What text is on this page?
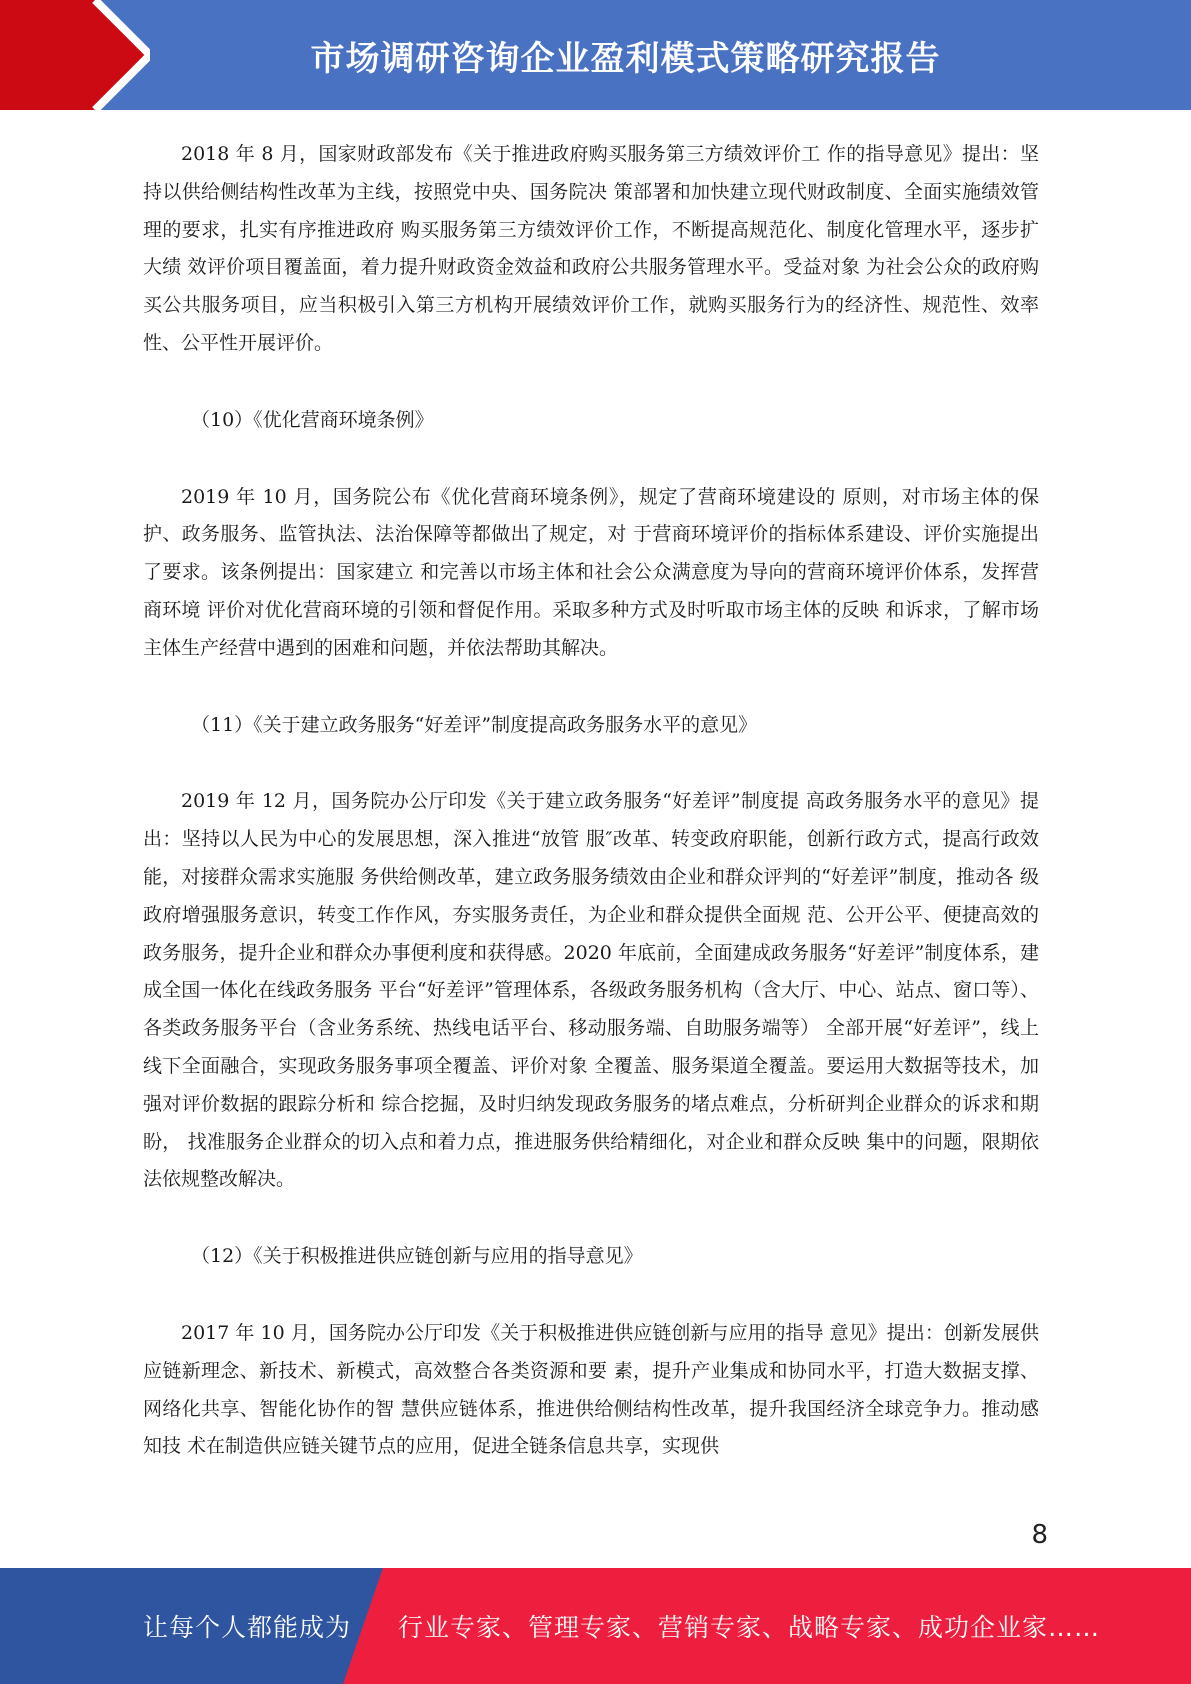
市场调研咨询企业盈利模式策略研究报告

2018 年 8 月，国家财政部发布《关于推进政府购买服务第三方绩效评价工 作的指导意见》提出：坚持以供给侧结构性改革为主线，按照党中央、国务院决 策部署和加快建立现代财政制度、全面实施绩效管理的要求，扎实有序推进政府 购买服务第三方绩效评价工作，不断提高规范化、制度化管理水平，逐步扩大绩 效评价项目覆盖面，着力提升财政资金效益和政府公共服务管理水平。受益对象 为社会公众的政府购买公共服务项目，应当积极引入第三方机构开展绩效评价工作，就购买服务行为的经济性、规范性、效率性、公平性开展评价。

（10）《优化营商环境条例》

2019 年 10 月，国务院公布《优化营商环境条例》，规定了营商环境建设的 原则，对市场主体的保护、政务服务、监管执法、法治保障等都做出了规定，对 于营商环境评价的指标体系建设、评价实施提出了要求。该条例提出：国家建立 和完善以市场主体和社会公众满意度为导向的营商环境评价体系，发挥营商环境 评价对优化营商环境的引领和督促作用。采取多种方式及时听取市场主体的反映 和诉求，了解市场主体生产经营中遇到的困难和问题，并依法帮助其解决。

（11）《关于建立政务服务“好差评”制度提高政务服务水平的意见》

2019 年 12 月，国务院办公厅印发《关于建立政务服务“好差评”制度提 高政务服务水平的意见》提出：坚持以人民为中心的发展思想，深入推进“放管 服″改革、转变政府职能，创新行政方式，提高行政效能，对接群众需求实施服 务供给侧改革，建立政务服务绩效由企业和群众评判的“好差评”制度，推动各 级政府增强服务意识，转变工作作风，夯实服务责任，为企业和群众提供全面规 范、公开公平、便捷高效的政务服务，提升企业和群众办事便利度和获得感。2020 年底前，全面建成政务服务“好差评”制度体系，建成全国一体化在线政务服务 平台“好差评”管理体系，各级政务服务机构（含大厅、中心、站点、窗口等）、 各类政务服务平台（含业务系统、热线电话平台、移动服务端、自助服务端等） 全部开展“好差评”，线上线下全面融合，实现政务服务事项全覆盖、评价对象 全覆盖、服务渠道全覆盖。要运用大数据等技术，加强对评价数据的跟踪分析和 综合挖掘，及时归纳发现政务服务的堵点难点，分析研判企业群众的诉求和期盼， 找准服务企业群众的切入点和着力点，推进服务供给精细化，对企业和群众反映 集中的问题，限期依法依规整改解决。

（12）《关于积极推进供应链创新与应用的指导意见》

2017 年 10 月，国务院办公厅印发《关于积极推进供应链创新与应用的指导 意见》提出：创新发展供应链新理念、新技术、新模式，高效整合各类资源和要 素，提升产业集成和协同水平，打造大数据支撑、网络化共享、智能化协作的智 慧供应链体系，推进供给侧结构性改革，提升我国经济全球竞争力。推动感知技 术在制造供应链关键节点的应用，促进全链条信息共享，实现供

8
让每个人都能成为 行业专家、管理专家、营销专家、战略专家、成功企业家……
